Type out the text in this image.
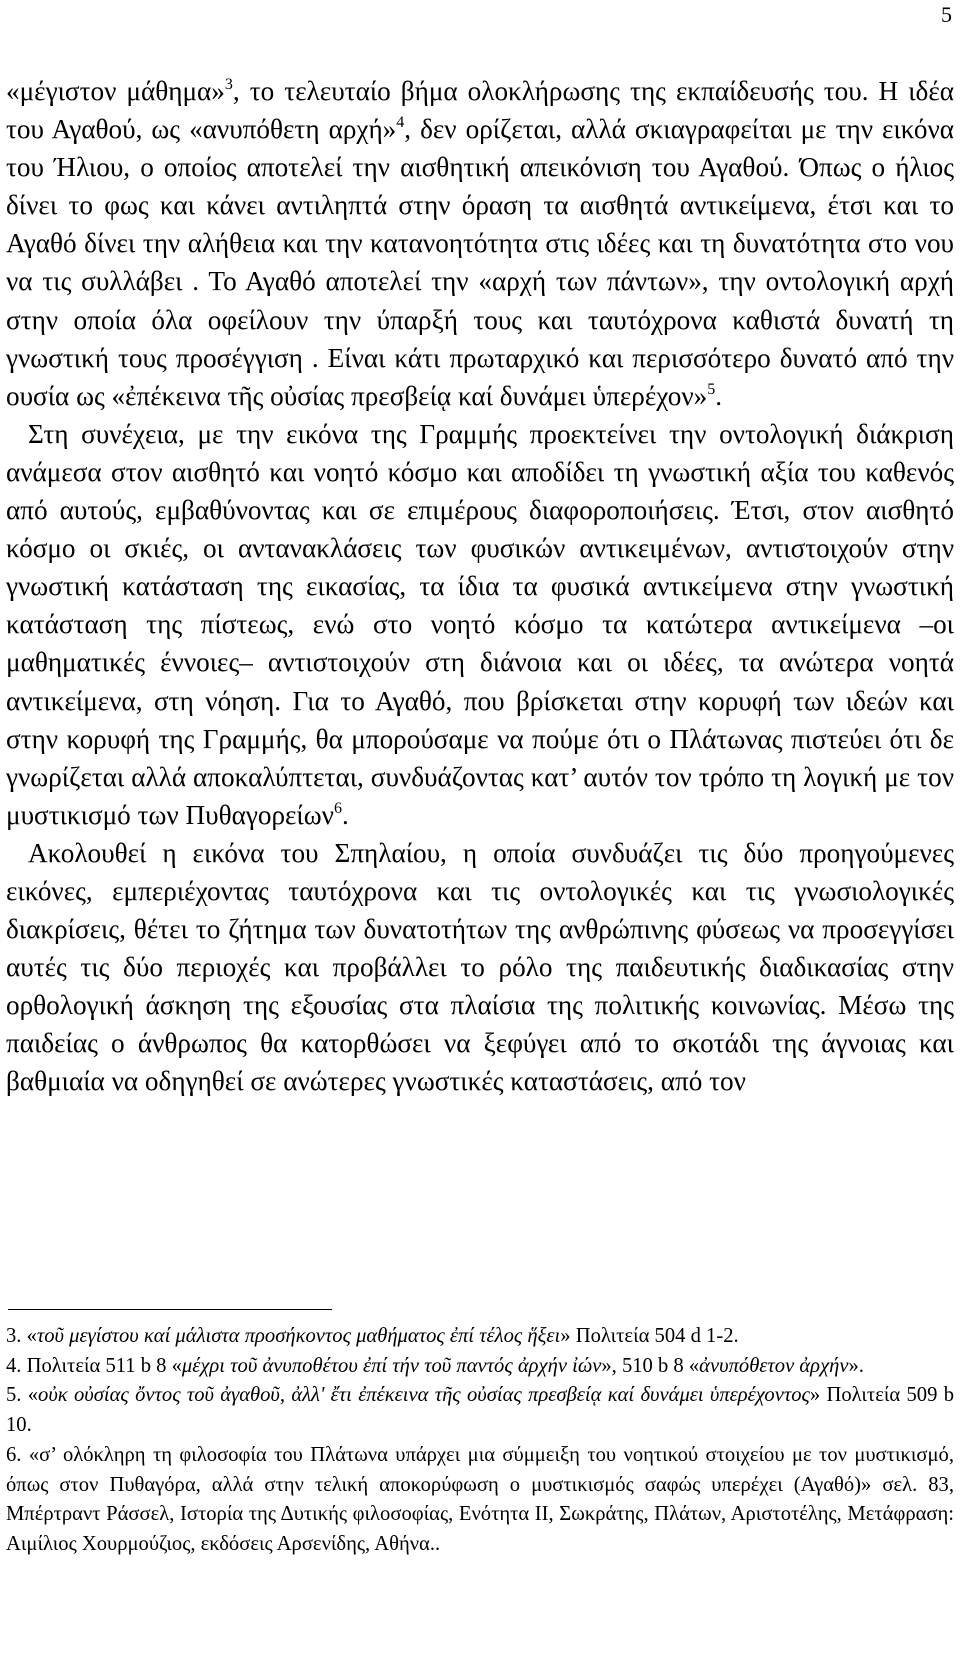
5

«μέγιστον μάθημα»$^3$, το τελευταίο βήμα ολοκλήρωσης της εκπαίδευσής του. Η ιδέα του Αγαθού, ως «ανυπόθετη αρχή»$^4$, δεν ορίζεται, αλλά σκιαγραφείται με την εικόνα του Ήλιου, ο οποίος αποτελεί την αισθητική απεικόνιση του Αγαθού. Όπως ο ήλιος δίνει το φως και κάνει αντιληπτά στην όραση τα αισθητά αντικείμενα, έτσι και το Αγαθό δίνει την αλήθεια και την κατανοητότητα στις ιδέες και τη δυνατότητα στο νου να τις συλλάβει . Το Αγαθό αποτελεί την «αρχή των πάντων», την οντολογική αρχή στην οποία όλα οφείλουν την ύπαρξή τους και ταυτόχρονα καθιστά δυνατή τη γνωστική τους προσέγγιση . Είναι κάτι πρωταρχικό και περισσότερο δυνατό από την ουσία ως «ἐπέκεινα τῆς οὐσίας πρεσβείᾳ καί δυνάμει ὑπερέχον»$^5$.

Στη συνέχεια, με την εικόνα της Γραμμής προεκτείνει την οντολογική διάκριση ανάμεσα στον αισθητό και νοητό κόσμο και αποδίδει τη γνωστική αξία του καθενός από αυτούς, εμβαθύνοντας και σε επιμέρους διαφοροποιήσεις. Έτσι, στον αισθητό κόσμο οι σκιές, οι αντανακλάσεις των φυσικών αντικειμένων, αντιστοιχούν στην γνωστική κατάσταση της εικασίας, τα ίδια τα φυσικά αντικείμενα στην γνωστική κατάσταση της πίστεως, ενώ στο νοητό κόσμο τα κατώτερα αντικείμενα –οι μαθηματικές έννοιες– αντιστοιχούν στη διάνοια και οι ιδέες, τα ανώτερα νοητά αντικείμενα, στη νόηση. Για το Αγαθό, που βρίσκεται στην κορυφή των ιδεών και στην κορυφή της Γραμμής, θα μπορούσαμε να πούμε ότι ο Πλάτωνας πιστεύει ότι δε γνωρίζεται αλλά αποκαλύπτεται, συνδυάζοντας κατ’ αυτόν τον τρόπο τη λογική με τον μυστικισμό των Πυθαγορείων$^6$.

Ακολουθεί η εικόνα του Σπηλαίου, η οποία συνδυάζει τις δύο προηγούμενες εικόνες, εμπεριέχοντας ταυτόχρονα και τις οντολογικές και τις γνωσιολογικές διακρίσεις, θέτει το ζήτημα των δυνατοτήτων της ανθρώπινης φύσεως να προσεγγίσει αυτές τις δύο περιοχές και προβάλλει το ρόλο της παιδευτικής διαδικασίας στην ορθολογική άσκηση της εξουσίας στα πλαίσια της πολιτικής κοινωνίας. Μέσω της παιδείας ο άνθρωπος θα κατορθώσει να ξεφύγει από το σκοτάδι της άγνοιας και βαθμιαία να οδηγηθεί σε ανώτερες γνωστικές καταστάσεις, από τον

3. «τοῦ μεγίστου καί μάλιστα προσήκοντος μαθήματος ἐπί τέλος ἥξει» Πολιτεία 504 d 1-2.

4. Πολιτεία 511 b 8 «μέχρι τοῦ ἀνυποθέτου ἐπί τήν τοῦ παντός ἀρχήν ἰών», 510 b 8 «ἀνυπόθετον ἀρχήν».

5. «οὐκ οὐσίας ὄντος τοῦ ἀγαθοῦ, ἀλλ' ἔτι ἐπέκεινα τῆς οὐσίας πρεσβείᾳ καί δυνάμει ὑπερέχοντος» Πολιτεία 509 b 10.

6. «σ’ ολόκληρη τη φιλοσοφία του Πλάτωνα υπάρχει μια σύμμειξη του νοητικού στοιχείου με τον μυστικισμό, όπως στον Πυθαγόρα, αλλά στην τελική αποκορύφωση ο μυστικισμός σαφώς υπερέχει (Αγαθό)» σελ. 83, Μπέρτραντ Ράσσελ, Ιστορία της Δυτικής φιλοσοφίας, Ενότητα ΙΙ, Σωκράτης, Πλάτων, Αριστοτέλης, Μετάφραση: Αιμίλιος Χουρμούζιος, εκδόσεις Αρσενίδης, Αθήνα..
